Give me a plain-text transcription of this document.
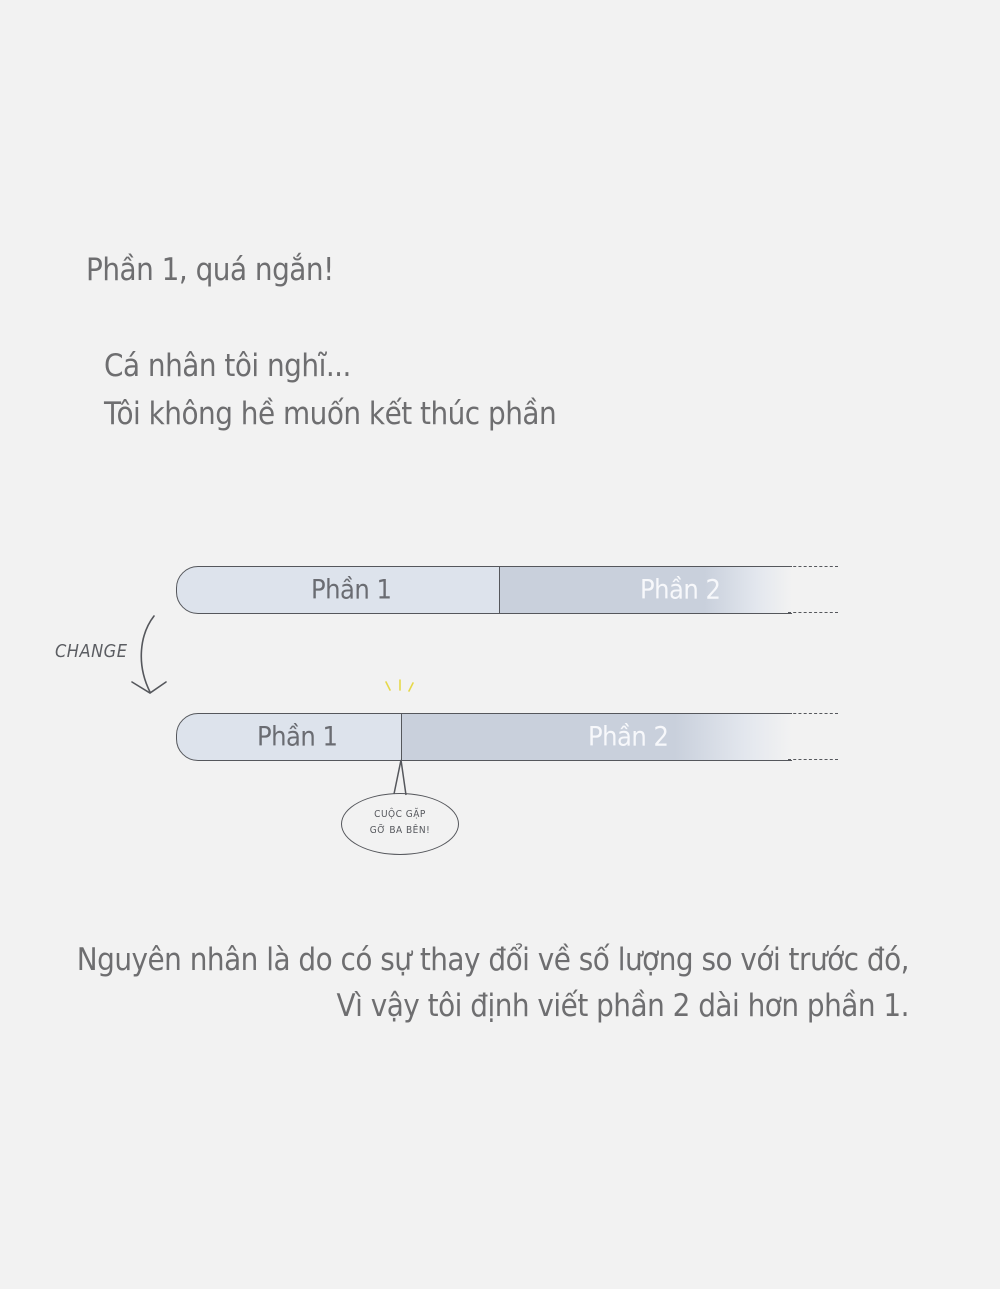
Phần 1, quá ngắn!
Cá nhân tôi nghĩ...
Tôi không hề muốn kết thúc phần
Phần 1	Phần 2
CHANGE
Phần 1	Phần 2
CUỘC GẶP
GỠ BA BÊN!
Nguyên nhân là do có sự thay đổi về số lượng so với trước đó,
Vì vậy tôi định viết phần 2 dài hơn phần 1.
